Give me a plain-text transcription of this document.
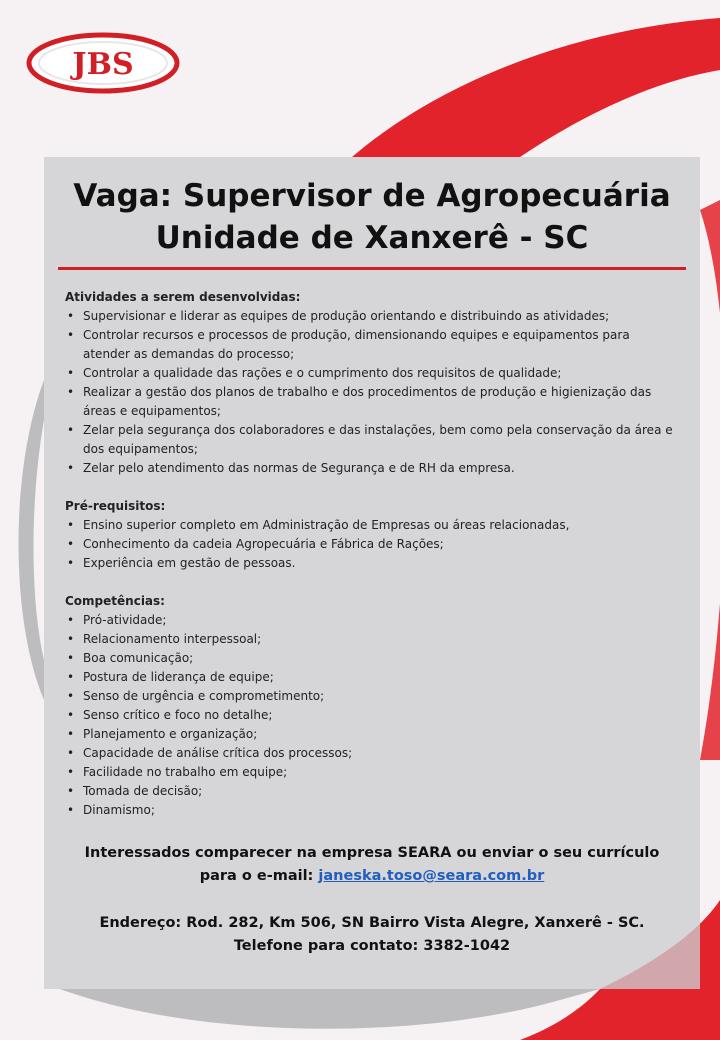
JBS
Vaga: Supervisor de Agropecuária
Unidade de Xanxerê - SC

Atividades a serem desenvolvidas:

• Supervisionar e liderar as equipes de produção orientando e distribuindo as atividades;
• Controlar recursos e processos de produção, dimensionando equipes e equipamentos para atender as demandas do processo;
• Controlar a qualidade das rações e o cumprimento dos requisitos de qualidade;
• Realizar a gestão dos planos de trabalho e dos procedimentos de produção e higienização das áreas e equipamentos;
• Zelar pela segurança dos colaboradores e das instalações, bem como pela conservação da área e dos equipamentos;
• Zelar pelo atendimento das normas de Segurança e de RH da empresa.

Pré-requisitos:

• Ensino superior completo em Administração de Empresas ou áreas relacionadas,
• Conhecimento da cadeia Agropecuária e Fábrica de Rações;
• Experiência em gestão de pessoas.

Competências:

• Pró-atividade;
• Relacionamento interpessoal;
• Boa comunicação;
• Postura de liderança de equipe;
• Senso de urgência e comprometimento;
• Senso crítico e foco no detalhe;
• Planejamento e organização;
• Capacidade de análise crítica dos processos;
• Facilidade no trabalho em equipe;
• Tomada de decisão;
• Dinamismo;

Interessados comparecer na empresa SEARA ou enviar o seu currículo

para o e-mail: janeska.toso@seara.com.br

Endereço: Rod. 282, Km 506, SN Bairro Vista Alegre, Xanxerê - SC.

Telefone para contato: 3382-1042
